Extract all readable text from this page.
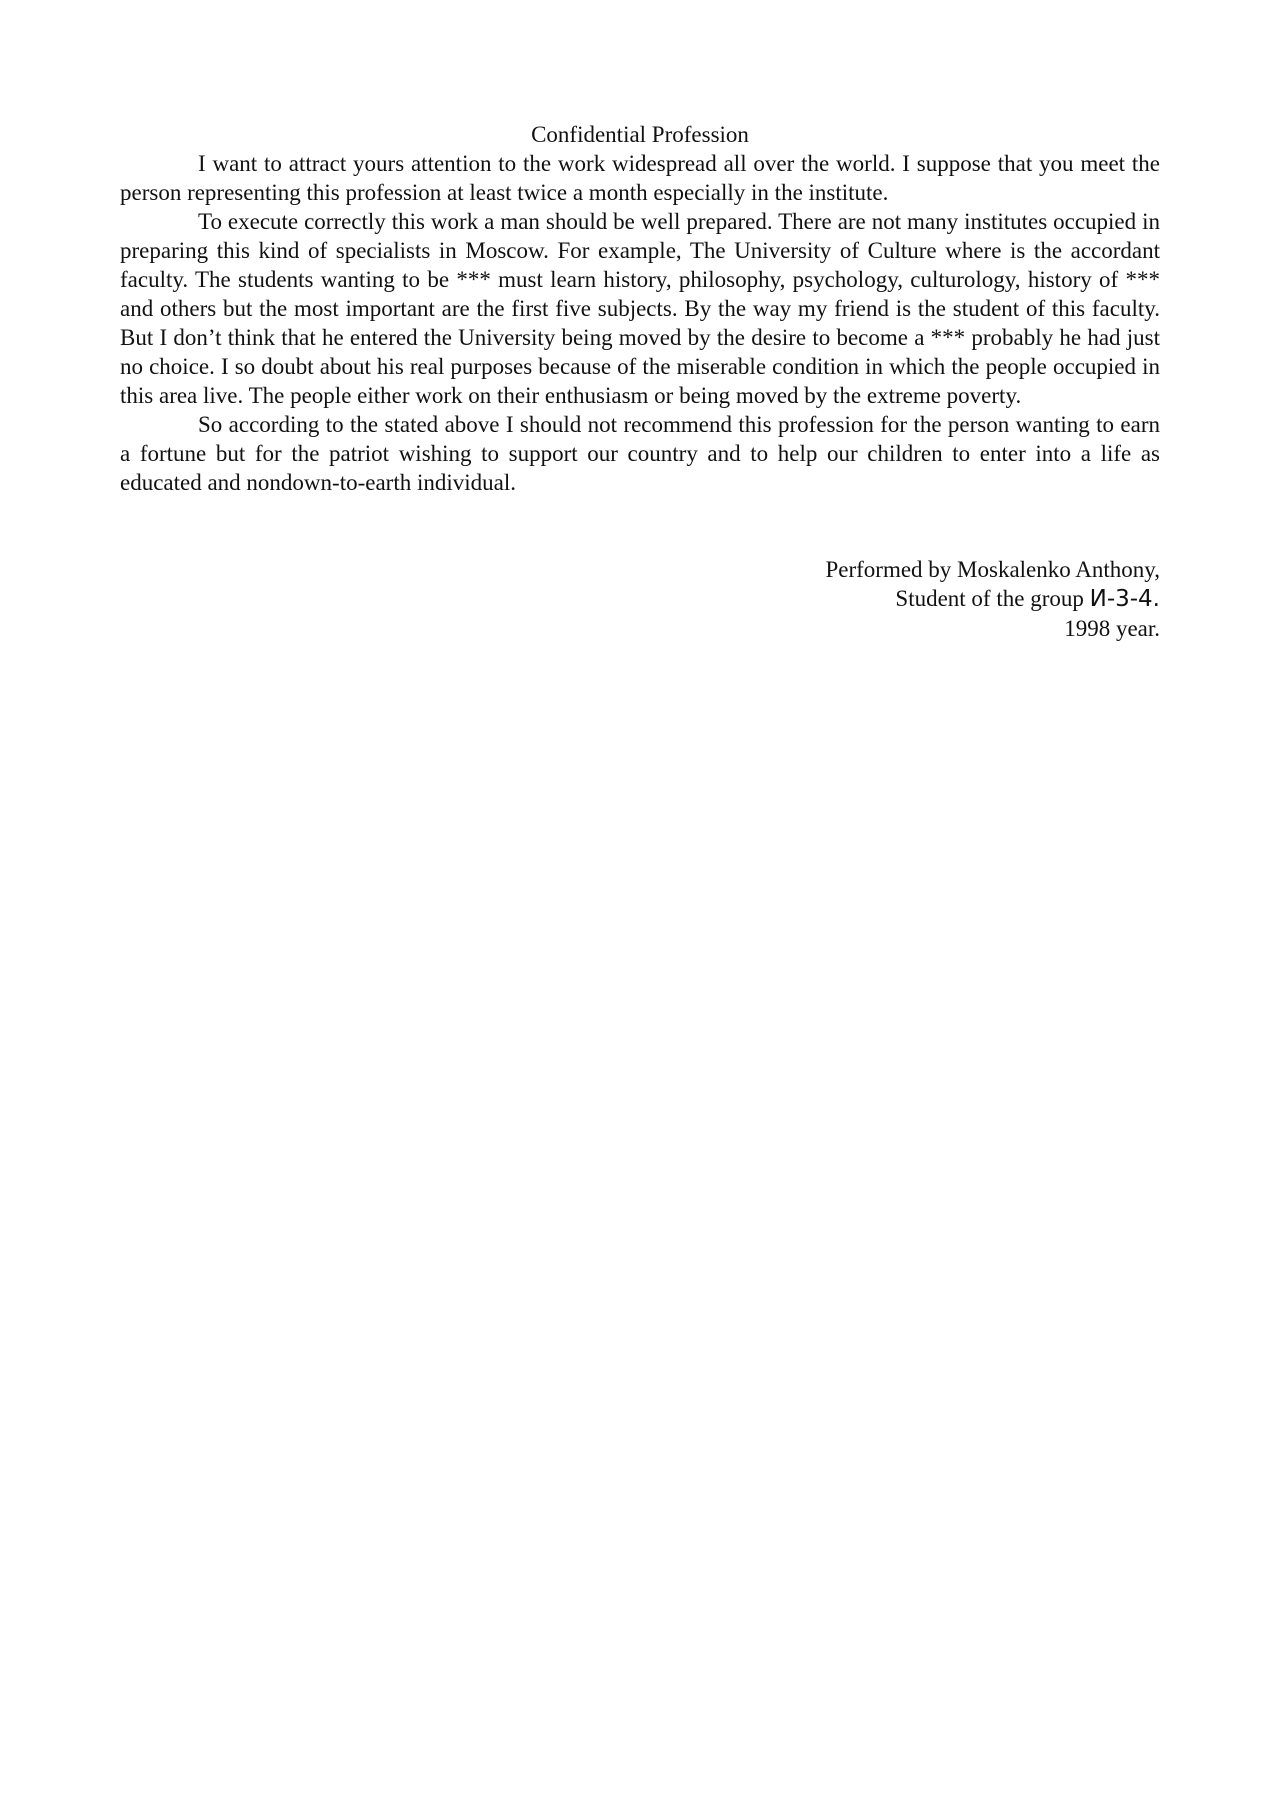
Confidential Profession

I want to attract yours attention to the work widespread all over the world. I suppose that you meet the person representing this profession at least twice a month especially in the institute.

To execute correctly this work a man should be well prepared. There are not many institutes occupied in preparing this kind of specialists in Moscow. For example, The University of Culture where is the accordant faculty. The students wanting to be *** must learn history, philosophy, psychology, culturology, history of *** and others but the most important are the first five subjects. By the way my friend is the student of this faculty. But I don’t think that he entered the University being moved by the desire to become a *** probably he had just no choice. I so doubt about his real purposes because of the miserable condition in which the people occupied in this area live. The people either work on their enthusiasm or being moved by the extreme poverty.

So according to the stated above I should not recommend this profession for the person wanting to earn a fortune but for the patriot wishing to support our country and to help our children to enter into a life as educated and nondown-to-earth individual.

Performed by Moskalenko Anthony,
Student of the group И-3-4.
1998 year.
